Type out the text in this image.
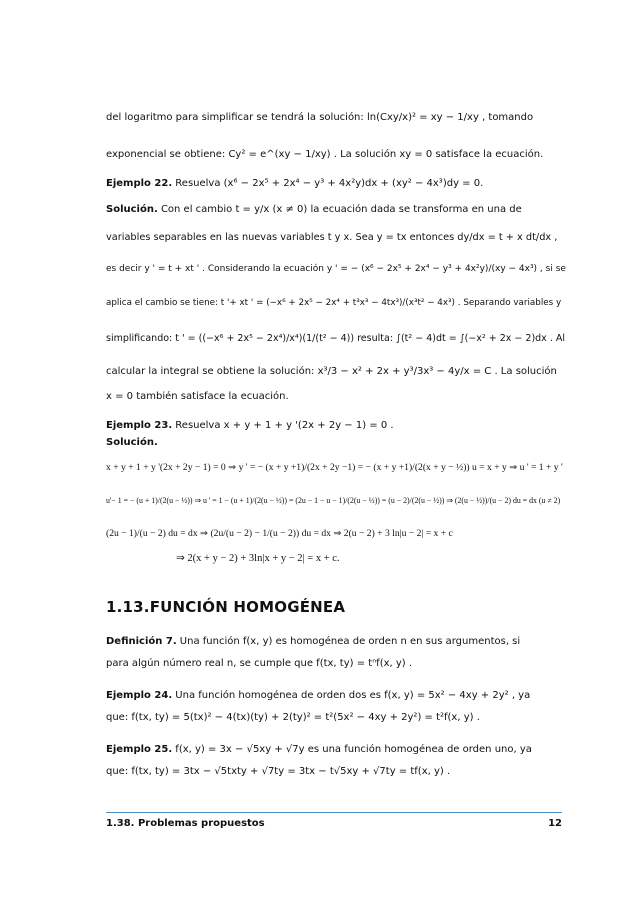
del logaritmo para simplificar se tendrá la solución: ln(Cxy/x)² = xy − 1/xy , tomando
exponencial se obtiene: Cy² = e^(xy − 1/xy) . La solución xy = 0 satisface la ecuación.
Ejemplo 22. Resuelva (x⁶ − 2x⁵ + 2x⁴ − y³ + 4x²y)dx + (xy² − 4x³)dy = 0.
Solución. Con el cambio t = y/x (x ≠ 0) la ecuación dada se transforma en una de
variables separables en las nuevas variables t y x. Sea y = tx entonces dy/dx = t + x dt/dx ,
es decir y ' = t + xt ' . Considerando la ecuación y ' = − (x⁶ − 2x⁵ + 2x⁴ − y³ + 4x²y)/(xy − 4x³) , si se
aplica el cambio se tiene: t '+ xt ' = (−x⁶ + 2x⁵ − 2x⁴ + t³x³ − 4tx³)/(x³t² − 4x³) . Separando variables y
simplificando: t ' = ((−x⁶ + 2x⁵ − 2x⁴)/x⁴)(1/(t² − 4)) resulta: ∫(t² − 4)dt = ∫(−x² + 2x − 2)dx . Al
calcular la integral se obtiene la solución: x³/3 − x² + 2x + y³/3x³ − 4y/x = C . La solución
x = 0 también satisface la ecuación.
Ejemplo 23. Resuelva x + y + 1 + y '(2x + 2y − 1) = 0 .
Solución.
x + y + 1 + y '(2x + 2y − 1) = 0 ⇒ y ' = − (x + y +1)/(2x + 2y −1) = − (x + y +1)/(2(x + y − ½)) u = x + y ⇒ u ' = 1 + y '
u'− 1 = − (u + 1)/(2(u − ½)) ⇒ u ' = 1 − (u + 1)/(2(u − ½)) = (2u − 1 − u − 1)/(2(u − ½)) = (u − 2)/(2(u − ½)) ⇒ (2(u − ½))/(u − 2) du = dx (u ≠ 2)
(2u − 1)/(u − 2) du = dx ⇒ (2u/(u − 2) − 1/(u − 2)) du = dx ⇒ 2(u − 2) + 3 ln|u − 2| = x + c
⇒ 2(x + y − 2) + 3ln|x + y − 2| = x + c.
1.13.FUNCIÓN HOMOGÉNEA
Definición 7. Una función f(x, y) es homogénea de orden n en sus argumentos, si
para algún número real n, se cumple que f(tx, ty) = tⁿf(x, y) .
Ejemplo 24. Una función homogénea de orden dos es f(x, y) = 5x² − 4xy + 2y² , ya
que: f(tx, ty) = 5(tx)² − 4(tx)(ty) + 2(ty)² = t²(5x² − 4xy + 2y²) = t²f(x, y) .
Ejemplo 25. f(x, y) = 3x − √5xy + √7y es una función homogénea de orden uno, ya
que: f(tx, ty) = 3tx − √5txty + √7ty = 3tx − t√5xy + √7ty = tf(x, y) .
1.38. Problemas propuestos	12
